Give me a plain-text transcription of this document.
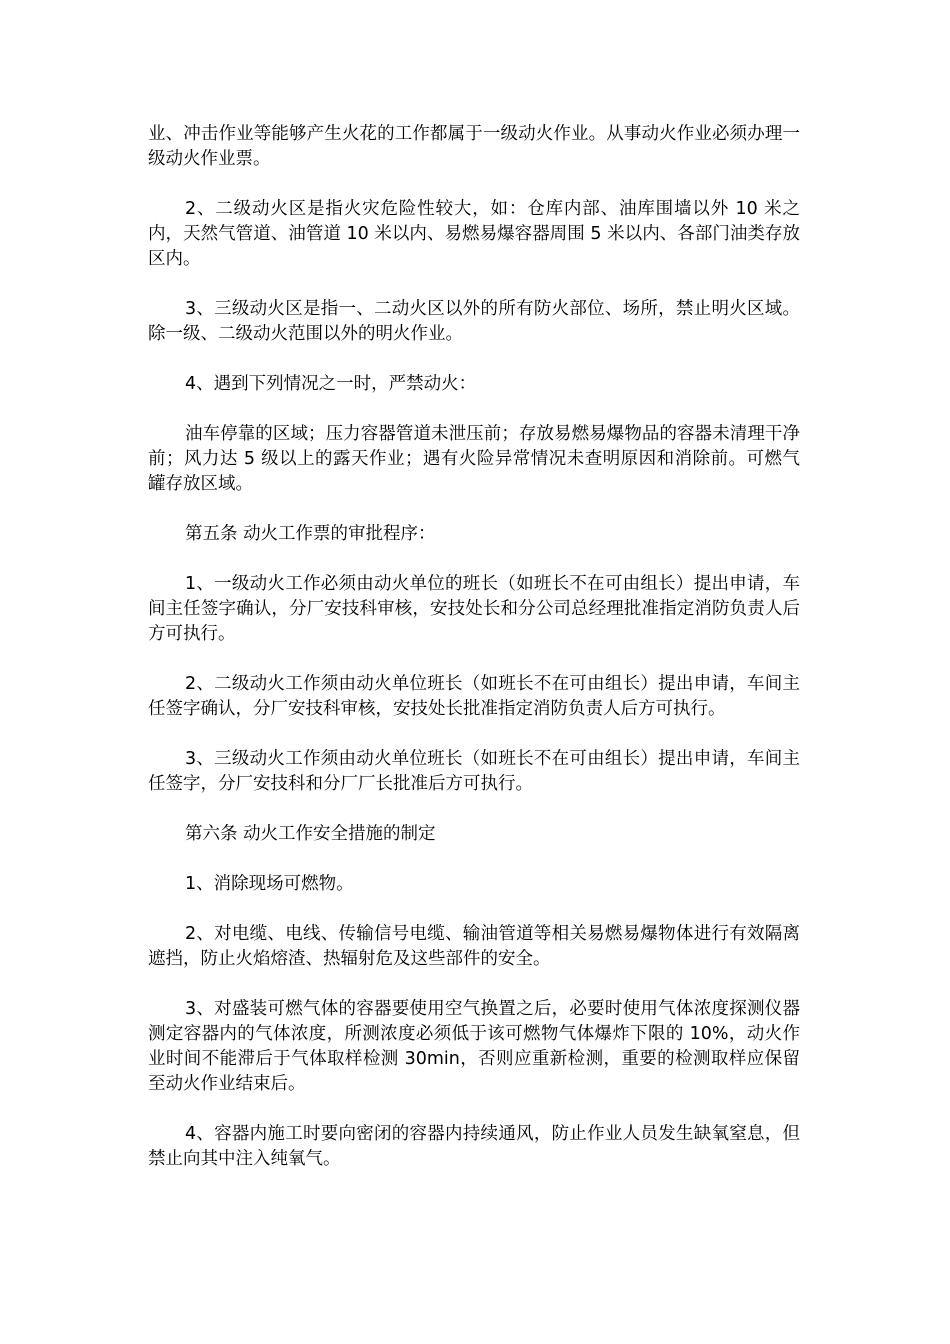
业、冲击作业等能够产生火花的工作都属于一级动火作业。从事动火作业必须办理一级动火作业票。

2、二级动火区是指火灾危险性较大，如：仓库内部、油库围墙以外 10 米之内，天然气管道、油管道 10 米以内、易燃易爆容器周围 5 米以内、各部门油类存放区内。

3、三级动火区是指一、二动火区以外的所有防火部位、场所，禁止明火区域。除一级、二级动火范围以外的明火作业。

4、遇到下列情况之一时，严禁动火：

油车停靠的区域；压力容器管道未泄压前；存放易燃易爆物品的容器未清理干净前；风力达 5 级以上的露天作业；遇有火险异常情况未查明原因和消除前。可燃气罐存放区域。

第五条 动火工作票的审批程序：

1、一级动火工作必须由动火单位的班长（如班长不在可由组长）提出申请，车间主任签字确认，分厂安技科审核，安技处长和分公司总经理批准指定消防负责人后方可执行。

2、二级动火工作须由动火单位班长（如班长不在可由组长）提出申请，车间主任签字确认，分厂安技科审核，安技处长批准指定消防负责人后方可执行。

3、三级动火工作须由动火单位班长（如班长不在可由组长）提出申请，车间主任签字，分厂安技科和分厂厂长批准后方可执行。

第六条 动火工作安全措施的制定

1、消除现场可燃物。

2、对电缆、电线、传输信号电缆、输油管道等相关易燃易爆物体进行有效隔离遮挡，防止火焰熔渣、热辐射危及这些部件的安全。

3、对盛装可燃气体的容器要使用空气换置之后，必要时使用气体浓度探测仪器测定容器内的气体浓度，所测浓度必须低于该可燃物气体爆炸下限的 10%，动火作业时间不能滞后于气体取样检测 30min，否则应重新检测，重要的检测取样应保留至动火作业结束后。

4、容器内施工时要向密闭的容器内持续通风，防止作业人员发生缺氧窒息，但禁止向其中注入纯氧气。
